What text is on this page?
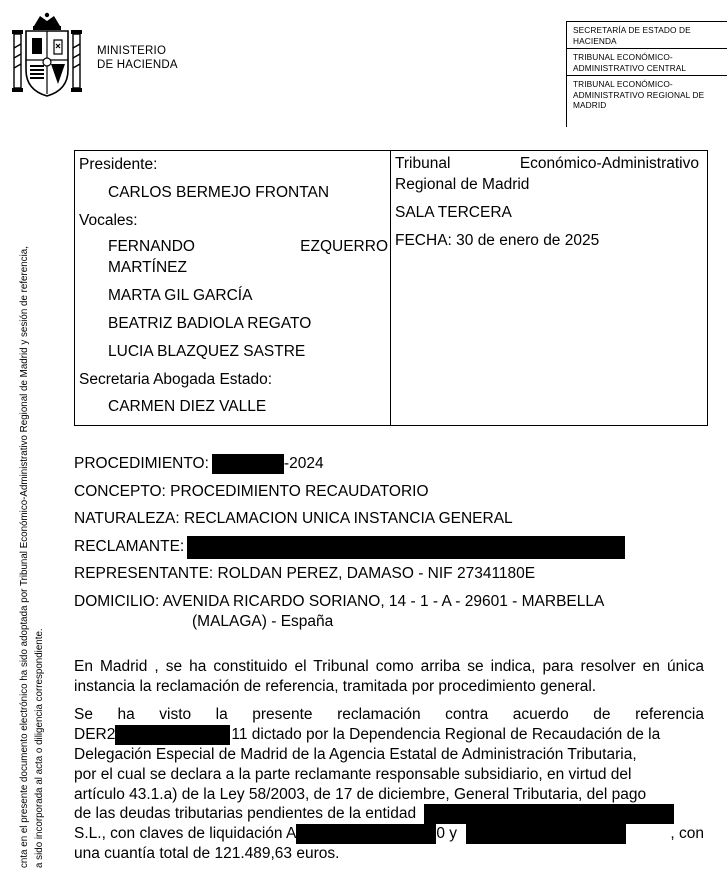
MINISTERIO
DE HACIENDA
SECRETARÍA DE ESTADO DE HACIENDA
TRIBUNAL ECONÓMICO-ADMINISTRATIVO CENTRAL
TRIBUNAL ECONÓMICO-ADMINISTRATIVO REGIONAL DE MADRID
cnta en el presente documento electrónico ha sido adoptada por Tribunal Económico-Administrativo Regional de Madrid y sesión de referencia, a sido incorporada al acta o diligencia correspondiente.
Presidente:
CARLOS BERMEJO FRONTAN
Vocales:
FERNANDO	EZQUERRO
MARTÍNEZ
MARTA GIL GARCÍA
BEATRIZ BADIOLA REGATO
LUCIA BLAZQUEZ SASTRE
Secretaria Abogada Estado:
CARMEN DIEZ VALLE
Tribunal	Económico-Administrativo
Regional de Madrid
SALA TERCERA
FECHA: 30 de enero de 2025
PROCEDIMIENTO:	-2024
CONCEPTO: PROCEDIMIENTO RECAUDATORIO
NATURALEZA: RECLAMACION UNICA INSTANCIA GENERAL
RECLAMANTE:
REPRESENTANTE: ROLDAN PEREZ, DAMASO - NIF 27341180E
DOMICILIO: AVENIDA RICARDO SORIANO, 14 - 1 - A - 29601 - MARBELLA
(MALAGA) - España

En Madrid , se ha constituido el Tribunal como arriba se indica, para resolver en única instancia la reclamación de referencia, tramitada por procedimiento general.

Se ha visto la presente reclamación contra acuerdo de referencia
DER2	11 dictado por la Dependencia Regional de Recaudación de la
Delegación Especial de Madrid de la Agencia Estatal de Administración Tributaria,
por el cual se declara a la parte reclamante responsable subsidiario, en virtud del
artículo 43.1.a) de la Ley 58/2003, de 17 de diciembre, General Tributaria, del pago
de las deudas tributarias pendientes de la entidad
S.L., con claves de liquidación A	0 y	, con
una cuantía total de 121.489,63 euros.
